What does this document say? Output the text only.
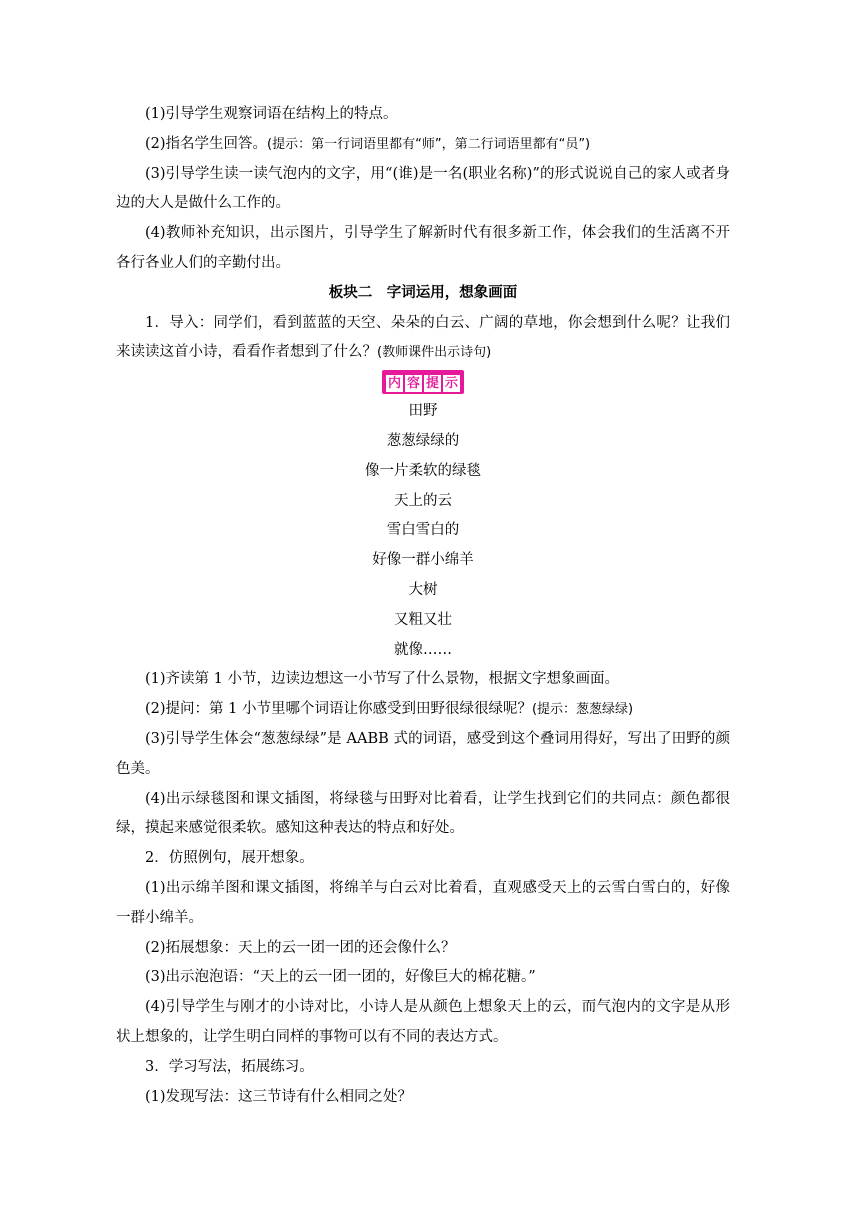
(1)引导学生观察词语在结构上的特点。

(2)指名学生回答。(提示：第一行词语里都有“师”，第二行词语里都有“员”)

(3)引导学生读一读气泡内的文字，用“(谁)是一名(职业名称)”的形式说说自己的家人或者身边的大人是做什么工作的。

(4)教师补充知识，出示图片，引导学生了解新时代有很多新工作，体会我们的生活离不开各行各业人们的辛勤付出。

板块二　字词运用，想象画面

1．导入：同学们，看到蓝蓝的天空、朵朵的白云、广阔的草地，你会想到什么呢？让我们来读读这首小诗，看看作者想到了什么？(教师课件出示诗句)

内 容 提 示

田野

葱葱绿绿的

像一片柔软的绿毯

天上的云

雪白雪白的

好像一群小绵羊

大树

又粗又壮

就像……

(1)齐读第 1 小节，边读边想这一小节写了什么景物，根据文字想象画面。

(2)提问：第 1 小节里哪个词语让你感受到田野很绿很绿呢？(提示：葱葱绿绿)

(3)引导学生体会“葱葱绿绿”是 AABB 式的词语，感受到这个叠词用得好，写出了田野的颜色美。

(4)出示绿毯图和课文插图，将绿毯与田野对比着看，让学生找到它们的共同点：颜色都很绿，摸起来感觉很柔软。感知这种表达的特点和好处。

2．仿照例句，展开想象。

(1)出示绵羊图和课文插图，将绵羊与白云对比着看，直观感受天上的云雪白雪白的，好像一群小绵羊。

(2)拓展想象：天上的云一团一团的还会像什么？

(3)出示泡泡语：“天上的云一团一团的，好像巨大的棉花糖。”

(4)引导学生与刚才的小诗对比，小诗人是从颜色上想象天上的云，而气泡内的文字是从形状上想象的，让学生明白同样的事物可以有不同的表达方式。

3．学习写法，拓展练习。

(1)发现写法：这三节诗有什么相同之处？
